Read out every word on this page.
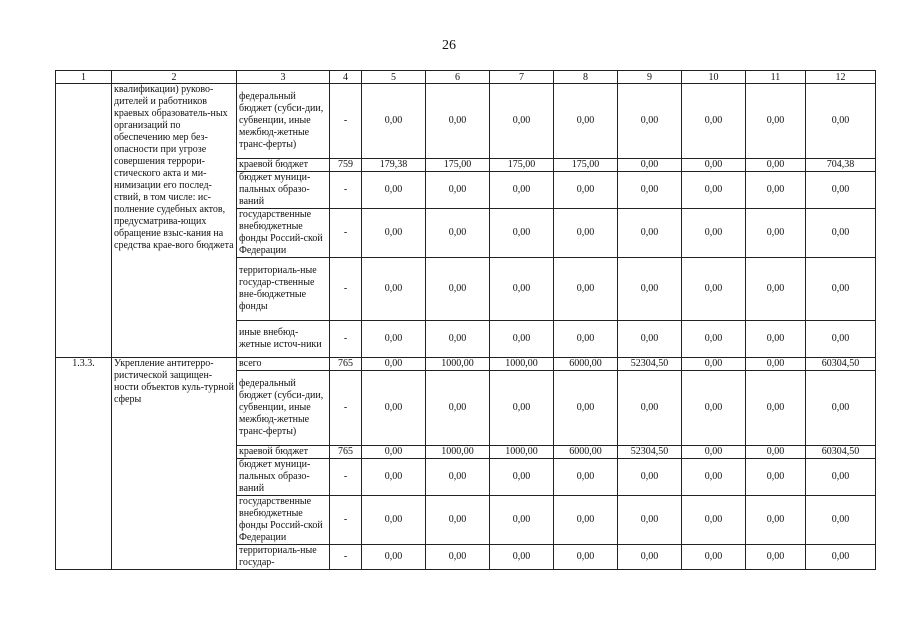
26
1	2	3	4	5	6	7	8	9	10	11	12
	квалификации) руково-дителей и работников краевых образователь-ных организаций по обеспечению мер без-опасности при угрозе совершения террори-стического акта и ми-нимизации его послед-ствий, в том числе: ис-полнение судебных актов, предусматрива-ющих обращение взыс-кания на средства крае-вого бюджета	федеральный бюджет (субси-дии, субвенции, иные межбюд-жетные транс-ферты)	-	0,00	0,00	0,00	0,00	0,00	0,00	0,00	0,00
		краевой бюджет	759	179,38	175,00	175,00	175,00	0,00	0,00	0,00	704,38
		бюджет муници-пальных образо-ваний	-	0,00	0,00	0,00	0,00	0,00	0,00	0,00	0,00
		государственные внебюджетные фонды Россий-ской Федерации	-	0,00	0,00	0,00	0,00	0,00	0,00	0,00	0,00
		территориаль-ные государ-ственные вне-бюджетные фонды	-	0,00	0,00	0,00	0,00	0,00	0,00	0,00	0,00
		иные внебюд-жетные источ-ники	-	0,00	0,00	0,00	0,00	0,00	0,00	0,00	0,00
1.3.3.	Укрепление антитерро-ристической защищен-ности объектов куль-турной сферы	всего	765	0,00	1000,00	1000,00	6000,00	52304,50	0,00	0,00	60304,50
		федеральный бюджет (субси-дии, субвенции, иные межбюд-жетные транс-ферты)	-	0,00	0,00	0,00	0,00	0,00	0,00	0,00	0,00
		краевой бюджет	765	0,00	1000,00	1000,00	6000,00	52304,50	0,00	0,00	60304,50
		бюджет муници-пальных образо-ваний	-	0,00	0,00	0,00	0,00	0,00	0,00	0,00	0,00
		государственные внебюджетные фонды Россий-ской Федерации	-	0,00	0,00	0,00	0,00	0,00	0,00	0,00	0,00
		территориаль-ные государ-	-	0,00	0,00	0,00	0,00	0,00	0,00	0,00	0,00
